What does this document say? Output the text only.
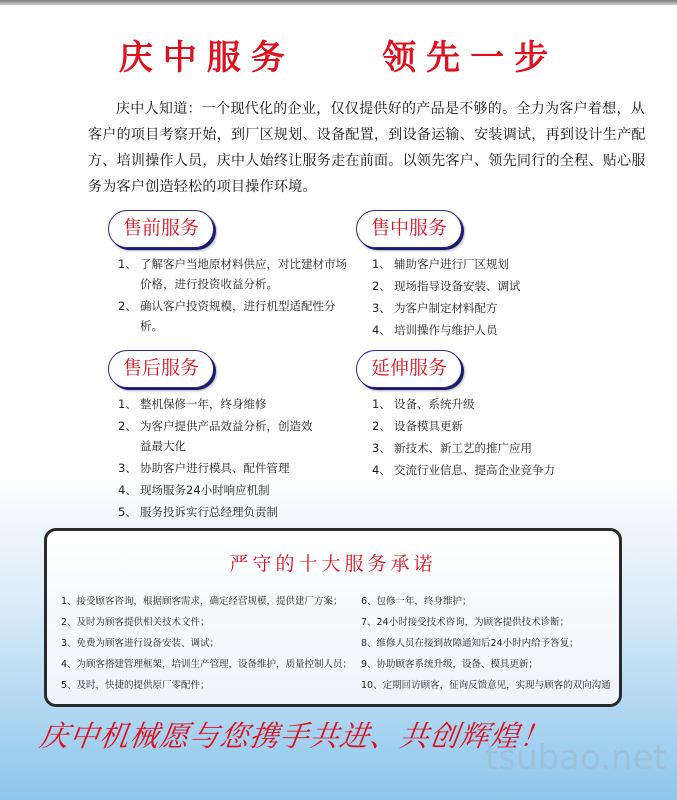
庆中服务    领先一步

庆中人知道：一个现代化的企业，仅仅提供好的产品是不够的。全力为客户着想，从客户的项目考察开始，到厂区规划、设备配置，到设备运输、安装调试，再到设计生产配方、培训操作人员，庆中人始终让服务走在前面。以领先客户、领先同行的全程、贴心服务为客户创造轻松的项目操作环境。

售前服务
1、 了解客户当地原材料供应，对比建材市场价格，进行投资收益分析。
2、 确认客户投资规模，进行机型适配性分析。
售中服务
1、 辅助客户进行厂区规划
2、 现场指导设备安装、调试
3、 为客户制定材料配方
4、 培训操作与维护人员
售后服务
1、 整机保修一年，终身维修
2、 为客户提供产品效益分析，创造效益最大化
3、 协助客户进行模具、配件管理
4、 现场服务24小时响应机制
5、 服务投诉实行总经理负责制
延伸服务
1、 设备、系统升级
2、 设备模具更新
3、 新技术、新工艺的推广应用
4、 交流行业信息、提高企业竞争力
严守的十大服务承诺
1、接受顾客咨询，根据顾客需求，确定经营规模，提供建厂方案；
2、及时为顾客提供相关技术文件；
3、免费为顾客进行设备安装、调试；
4、为顾客搭建管理框架，培训生产管理，设备维护，质量控制人员；
5、及时，快捷的提供原厂零配件；
6、包修一年，终身维护；
7、24小时接受技术咨询，为顾客提供技术诊断；
8、维修人员在接到故障通知后24小时内给予答复；
9、协助顾客系统升级，设备、模具更新；
10、定期回访顾客，征询反馈意见，实现与顾客的双向沟通
庆中机械愿与您携手共进、共创辉煌！
tsubao.net
